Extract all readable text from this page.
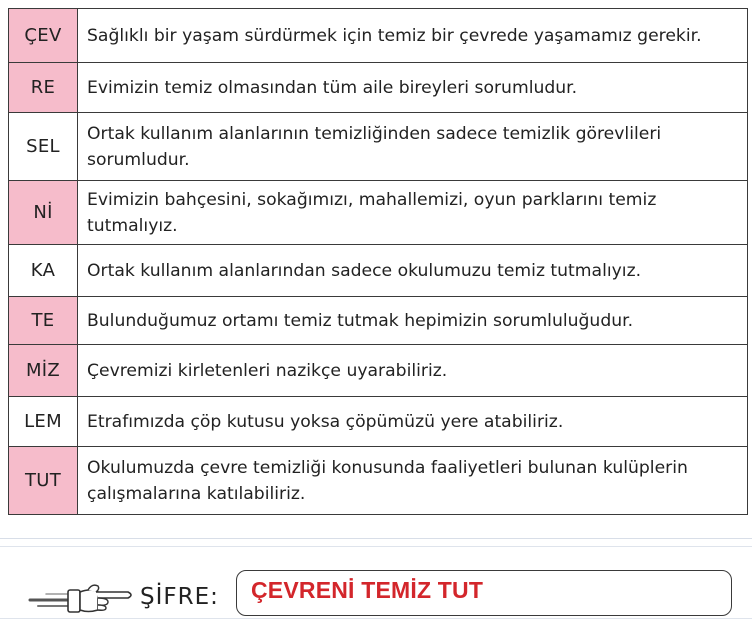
ÇEV	Sağlıklı bir yaşam sürdürmek için temiz bir çevrede yaşamamız gerekir.
RE	Evimizin temiz olmasından tüm aile bireyleri sorumludur.
SEL	Ortak kullanım alanlarının temizliğinden sadece temizlik görevlileri sorumludur.
Nİ	Evimizin bahçesini, sokağımızı, mahallemizi, oyun parklarını temiz tutmalıyız.
KA	Ortak kullanım alanlarından sadece okulumuzu temiz tutmalıyız.
TE	Bulunduğumuz ortamı temiz tutmak hepimizin sorumluluğudur.
MİZ	Çevremizi kirletenleri nazikçe uyarabiliriz.
LEM	Etrafımızda çöp kutusu yoksa çöpümüzü yere atabiliriz.
TUT	Okulumuzda çevre temizliği konusunda faaliyetleri bulunan kulüplerin çalışmalarına katılabiliriz.
ŞİFRE: ÇEVRENİ TEMİZ TUT
